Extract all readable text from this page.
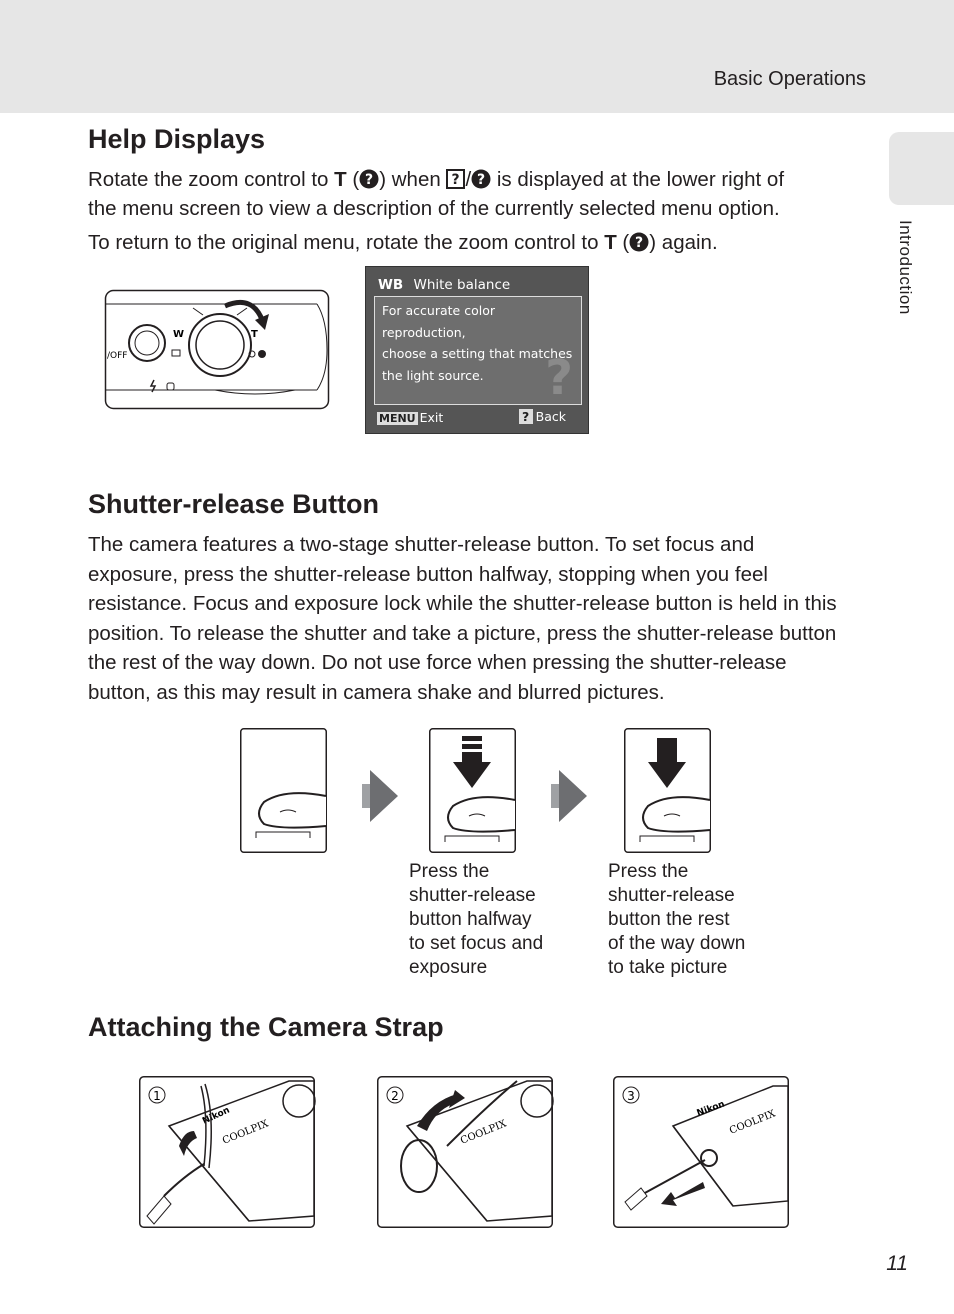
Basic Operations
Introduction
Help Displays

Rotate the zoom control to T ( ? ) when ? / ? is displayed at the lower right of

the menu screen to view a description of the currently selected menu option.

To return to the original menu, rotate the zoom control to T ( ? ) again.

W	T
/OFF
WB White balance
For accurate color reproduction,
choose a setting that matches
the light source.	?
MENU Exit	? Back
Shutter-release Button
The camera features a two-stage shutter-release button. To set focus and
exposure, press the shutter-release button halfway, stopping when you feel
resistance. Focus and exposure lock while the shutter-release button is held in this
position. To release the shutter and take a picture, press the shutter-release button
the rest of the way down. Do not use force when pressing the shutter-release
button, as this may result in camera shake and blurred pictures.
Press the
shutter-release
button halfway
to set focus and
exposure
Press the
shutter-release
button the rest
of the way down
to take picture
Attaching the Camera Strap
1
Nikon
COOLPIX
2
COOLPIX
3
Nikon COOLPIX
11
